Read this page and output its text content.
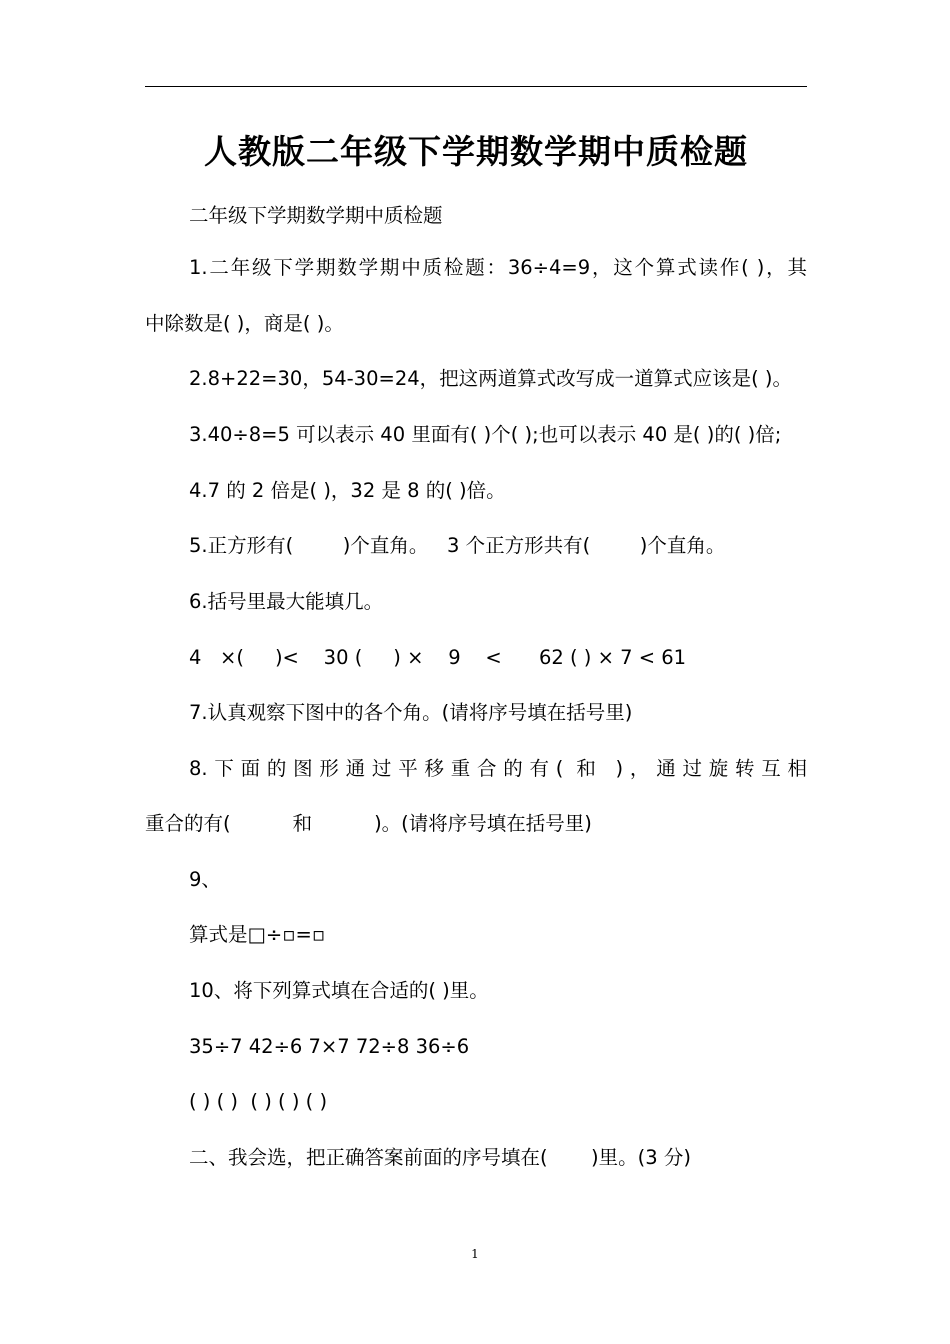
人教版二年级下学期数学期中质检题

二年级下学期数学期中质检题

1.二年级下学期数学期中质检题：36÷4=9，这个算式读作( )，其

中除数是( )，商是( )。

2.8+22=30，54-30=24，把这两道算式改写成一道算式应该是( )。

3.40÷8=5 可以表示 40 里面有( )个( );也可以表示 40 是( )的( )倍;

4.7 的 2 倍是( )，32 是 8 的( )倍。

5.正方形有(        )个直角。   3 个正方形共有(        )个直角。

6.括号里最大能填几。

4   ×(     )<    30 (     ) ×    9    <      62 ( ) × 7 < 61

7.认真观察下图中的各个角。(请将序号填在括号里)

8.下面的图形通过平移重合的有( 和 )，通过旋转互相

重合的有(          和          )。(请将序号填在括号里)

9、

算式是□÷▫=▫

10、将下列算式填在合适的( )里。

35÷7 42÷6 7×7 72÷8 36÷6

( ) ( )  ( ) ( ) ( )

二、我会选，把正确答案前面的序号填在(       )里。(3 分)

1
